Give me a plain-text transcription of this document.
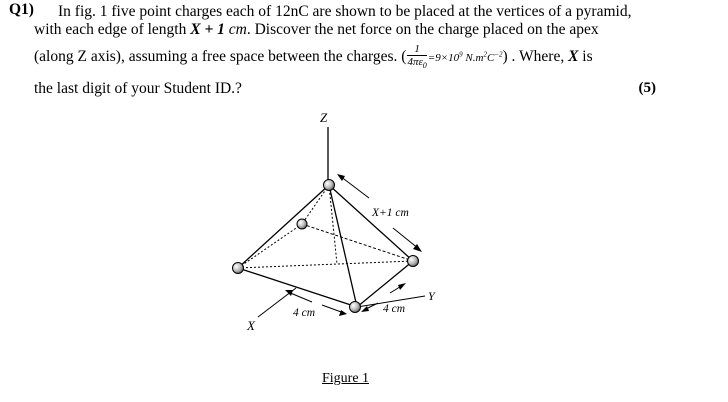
Q1) In fig. 1 five point charges each of 12nC are shown to be placed at the vertices of a pyramid,
with each edge of length X + 1 cm. Discover the net force on the charge placed on the apex
(along Z axis), assuming a free space between the charges. ( $\frac{1}{4\pi\varepsilon_0} =9\times 10^9$ $N.m^2C^{-2}$) . Where, X is
the last digit of your Student ID.?	(5)
Z
X
Y
X+1 cm
4 cm	4 cm
Figure 1
